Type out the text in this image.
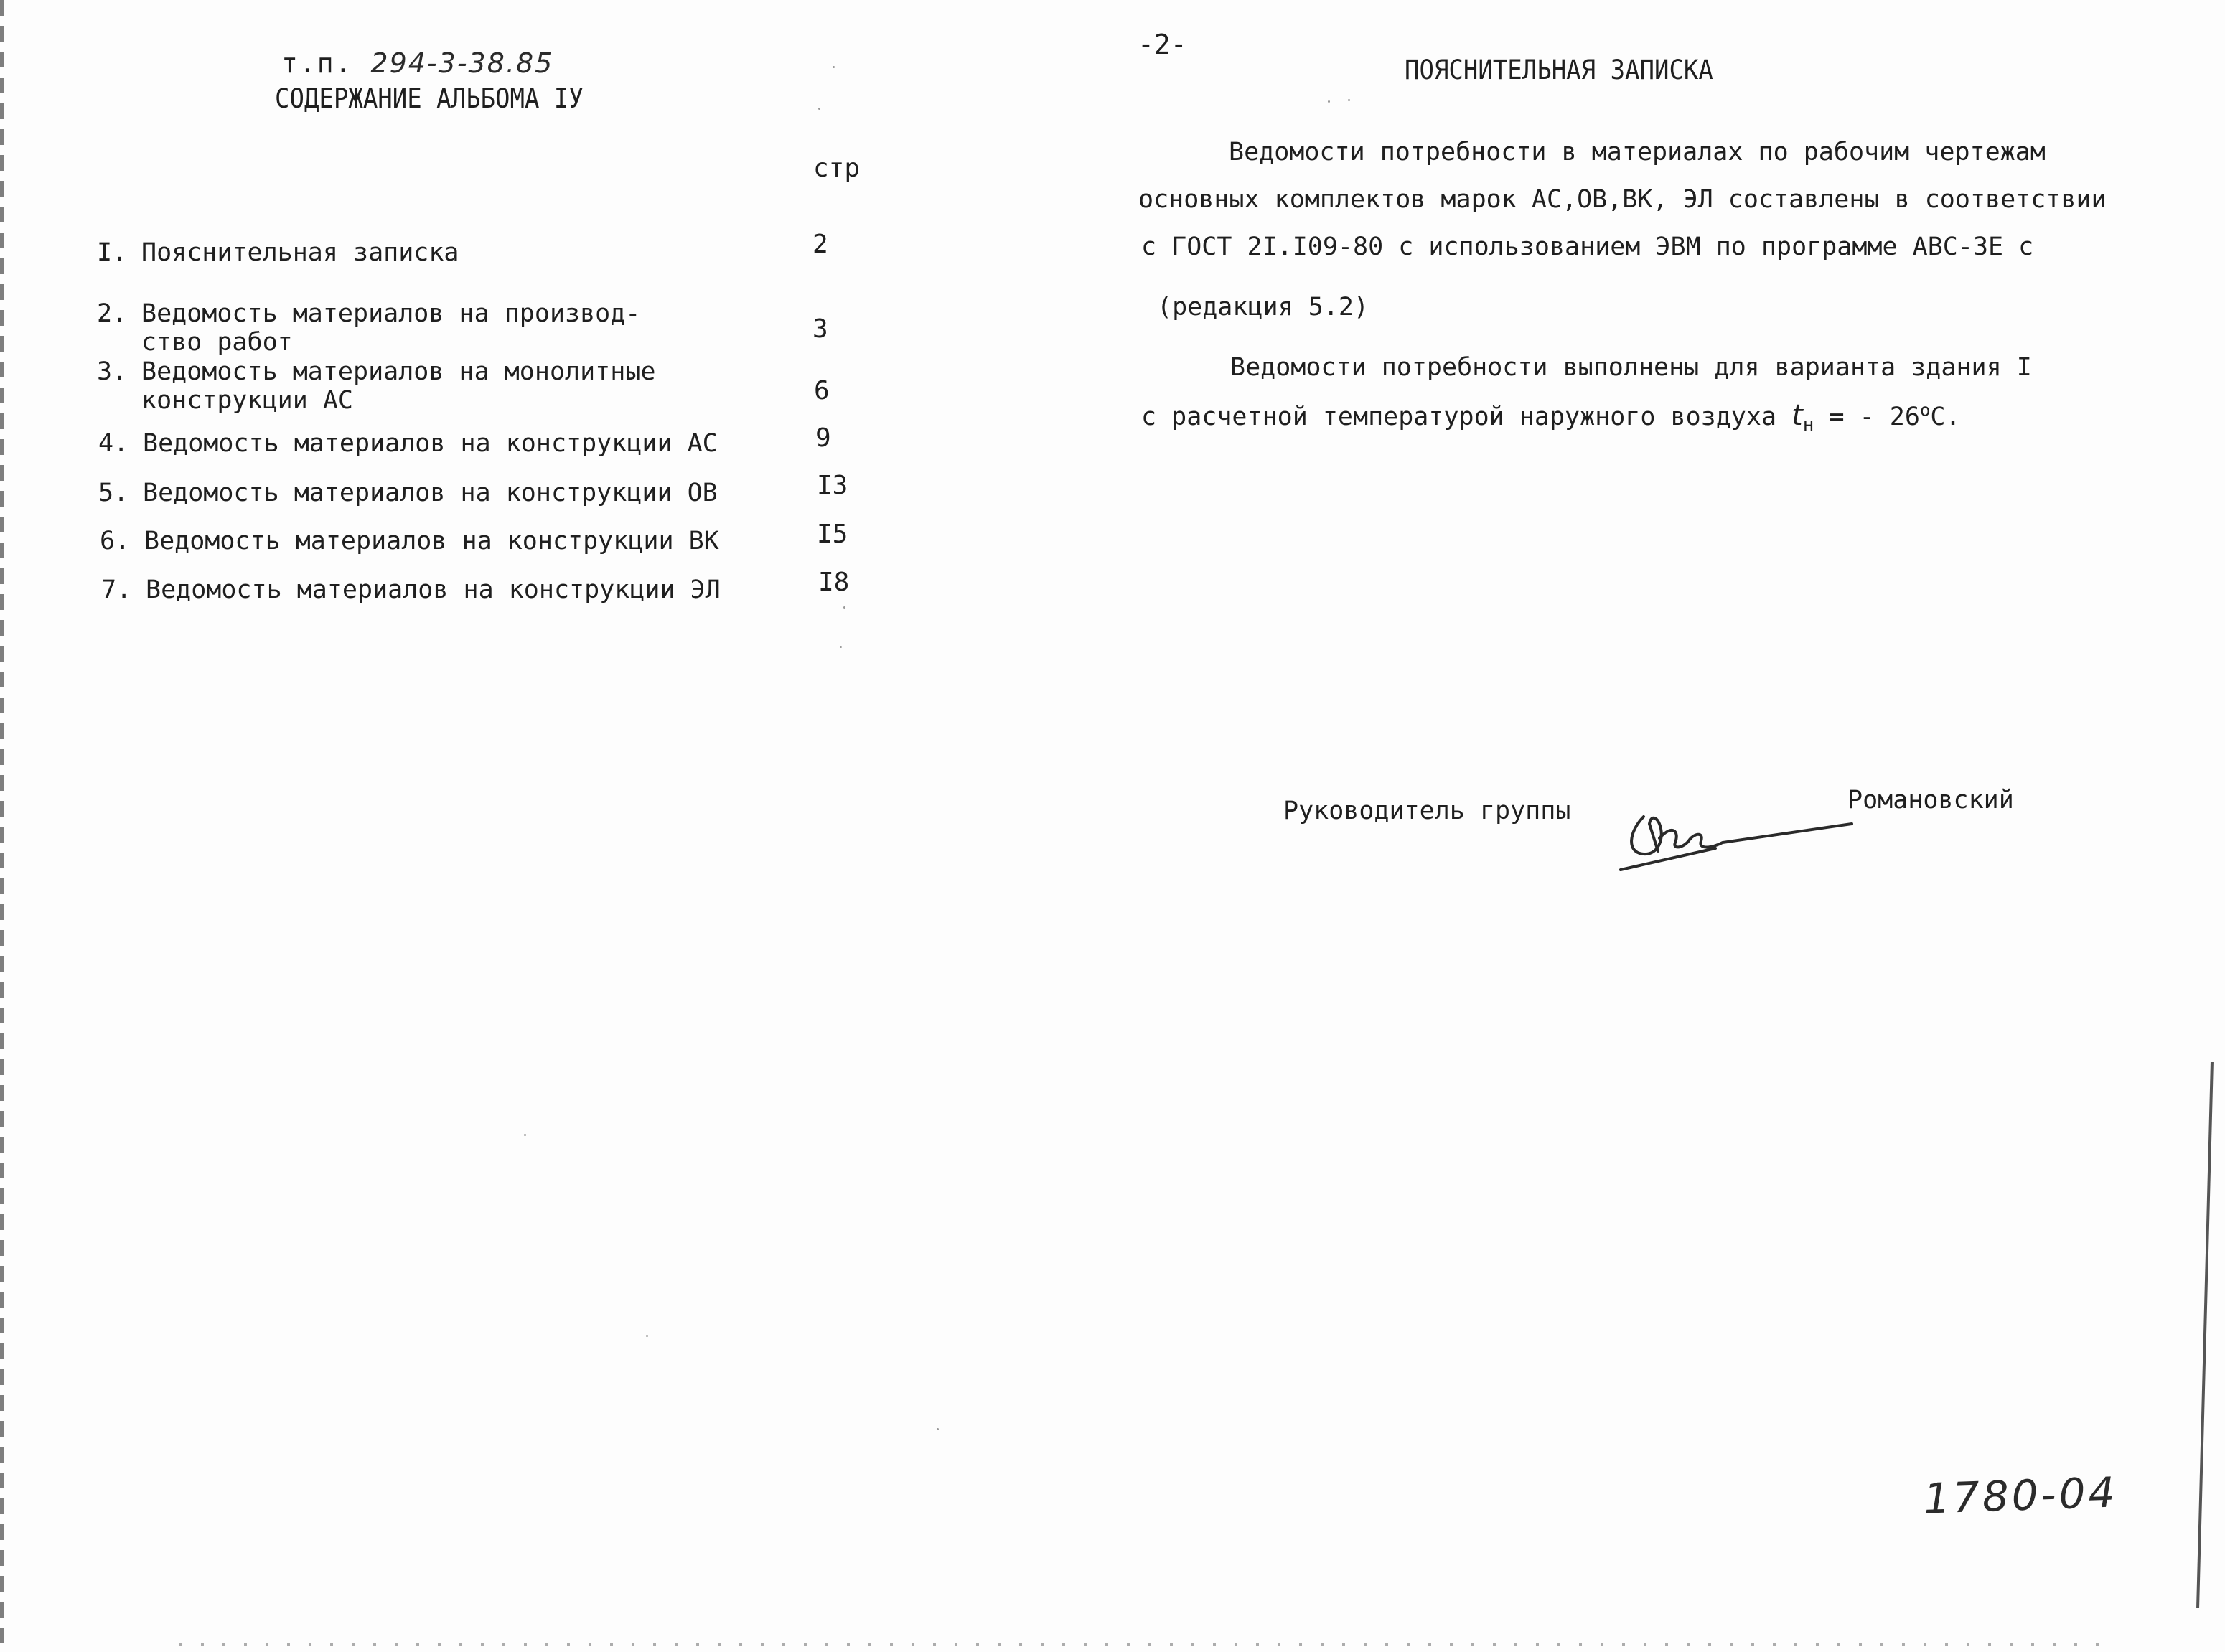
т.п. 294-3-38.85
СОДЕРЖАНИЕ АЛЬБОМА IУ
стр
I. Пояснительная записка	2
2. Ведомость материалов на производ-
ство работ	3
3. Ведомость материалов на монолитные
конструкции АС	6
4. Ведомость материалов на конструкции АС	9
5. Ведомость материалов на конструкции ОВ	I3
6. Ведомость материалов на конструкции ВК	I5
7. Ведомость материалов на конструкции ЭЛ	I8
-2-
ПОЯСНИТЕЛЬНАЯ ЗАПИСКА
Ведомости потребности в материалах по рабочим чертежам
основных комплектов марок АС,ОВ,ВК, ЭЛ составлены в соответствии
с ГОСТ 2I.I09-80 с использованием ЭВМ по программе АВС-3Е с
(редакция 5.2)
Ведомости потребности выполнены для варианта здания I
с расчетной температурой наружного воздуха $t_н$ = - $26^оС$.
Руководитель группы	Романовский
1780-04
